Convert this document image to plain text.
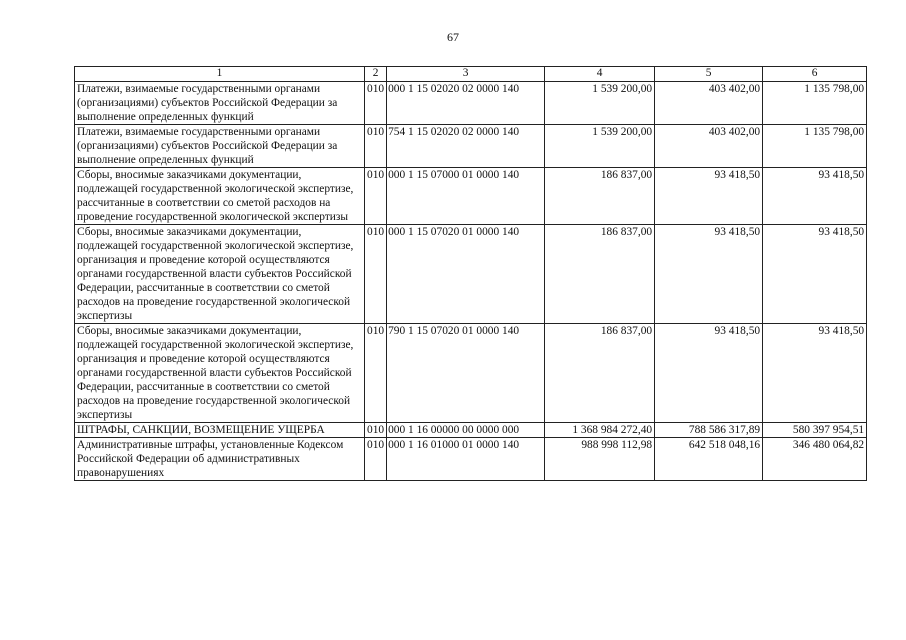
67
1	2	3	4	5	6
Платежи, взимаемые государственными органами (организациями) субъектов Российской Федерации за выполнение определенных функций	010	000 1 15 02020 02 0000 140	1 539 200,00	403 402,00	1 135 798,00
Платежи, взимаемые государственными органами (организациями) субъектов Российской Федерации за выполнение определенных функций	010	754 1 15 02020 02 0000 140	1 539 200,00	403 402,00	1 135 798,00
Сборы, вносимые заказчиками документации, подлежащей государственной экологической экспертизе, рассчитанные в соответствии со сметой расходов на проведение государственной экологической экспертизы	010	000 1 15 07000 01 0000 140	186 837,00	93 418,50	93 418,50
Сборы, вносимые заказчиками документации, подлежащей государственной экологической экспертизе, организация и проведение которой осуществляются органами государственной власти субъектов Российской Федерации, рассчитанные в соответствии со сметой расходов на проведение государственной экологической экспертизы	010	000 1 15 07020 01 0000 140	186 837,00	93 418,50	93 418,50
Сборы, вносимые заказчиками документации, подлежащей государственной экологической экспертизе, организация и проведение которой осуществляются органами государственной власти субъектов Российской Федерации, рассчитанные в соответствии со сметой расходов на проведение государственной экологической экспертизы	010	790 1 15 07020 01 0000 140	186 837,00	93 418,50	93 418,50
ШТРАФЫ, САНКЦИИ, ВОЗМЕЩЕНИЕ УЩЕРБА	010	000 1 16 00000 00 0000 000	1 368 984 272,40	788 586 317,89	580 397 954,51
Административные штрафы, установленные Кодексом Российской Федерации об административных правонарушениях	010	000 1 16 01000 01 0000 140	988 998 112,98	642 518 048,16	346 480 064,82
